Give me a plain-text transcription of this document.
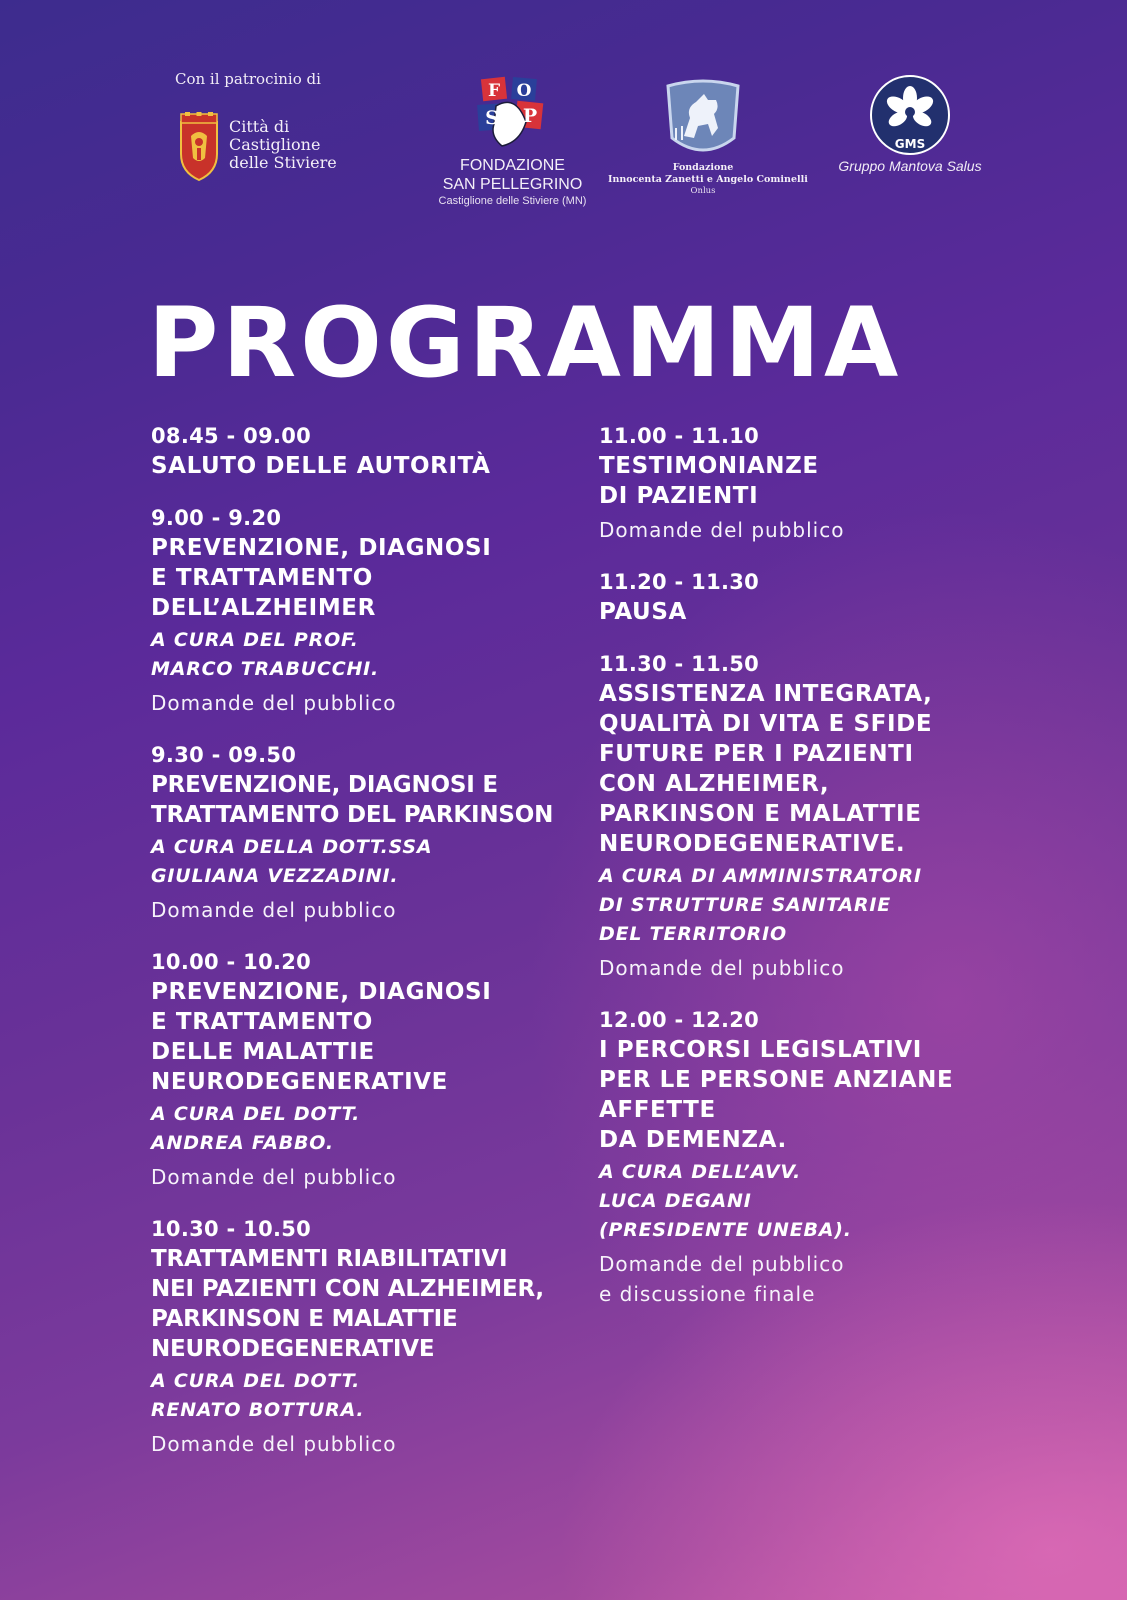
Con il patrocinio di
Città di
Castiglione
delle Stiviere
F O
S P
FONDAZIONE
SAN PELLEGRINO
Castiglione delle Stiviere (MN)
Fondazione
Innocenta Zanetti e Angelo Cominelli
Onlus
GMS
Gruppo Mantova Salus
PROGRAMMA
08.45 - 09.00
SALUTO DELLE AUTORITÀ
9.00 - 9.20
PREVENZIONE, DIAGNOSI
E TRATTAMENTO
DELL’ALZHEIMER
A CURA DEL PROF.
MARCO TRABUCCHI.
Domande del pubblico
9.30 - 09.50
PREVENZIONE, DIAGNOSI E
TRATTAMENTO DEL PARKINSON
A CURA DELLA DOTT.SSA
GIULIANA VEZZADINI.
Domande del pubblico
10.00 - 10.20
PREVENZIONE, DIAGNOSI
E TRATTAMENTO
DELLE MALATTIE
NEURODEGENERATIVE
A CURA DEL DOTT.
ANDREA FABBO.
Domande del pubblico
10.30 - 10.50
TRATTAMENTI RIABILITATIVI
NEI PAZIENTI CON ALZHEIMER,
PARKINSON E MALATTIE
NEURODEGENERATIVE
A CURA DEL DOTT.
RENATO BOTTURA.
Domande del pubblico
11.00 - 11.10
TESTIMONIANZE
DI PAZIENTI
Domande del pubblico
11.20 - 11.30
PAUSA
11.30 - 11.50
ASSISTENZA INTEGRATA,
QUALITÀ DI VITA E SFIDE
FUTURE PER I PAZIENTI
CON ALZHEIMER,
PARKINSON E MALATTIE
NEURODEGENERATIVE.
A CURA DI AMMINISTRATORI
DI STRUTTURE SANITARIE
DEL TERRITORIO
Domande del pubblico
12.00 - 12.20
I PERCORSI LEGISLATIVI
PER LE PERSONE ANZIANE
AFFETTE
DA DEMENZA.
A CURA DELL’AVV.
LUCA DEGANI
(PRESIDENTE UNEBA).
Domande del pubblico
e discussione finale
